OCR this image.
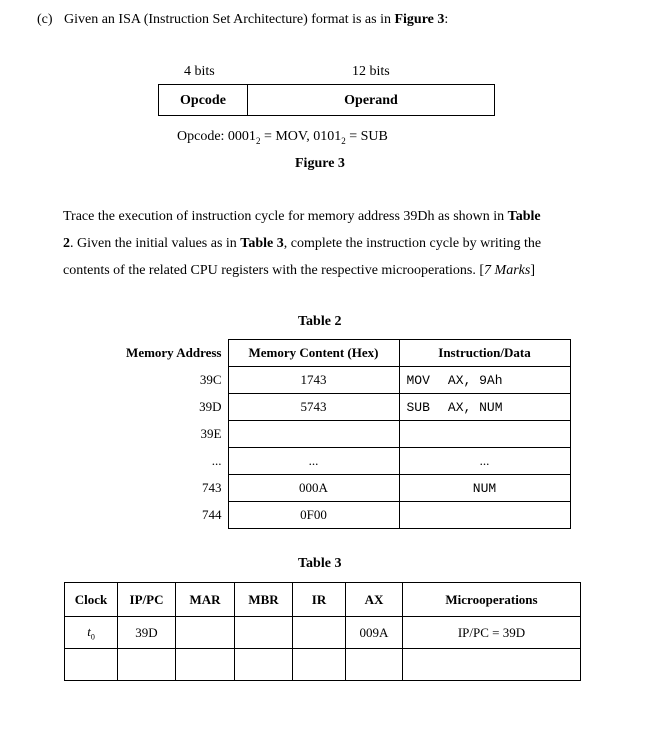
(c) Given an ISA (Instruction Set Architecture) format is as in Figure 3:
4 bits	12 bits
Opcode	Operand
Opcode: $0001_2$ = MOV, $0101_2$ = SUB
Figure 3
Trace the execution of instruction cycle for memory address 39Dh as shown in Table
2. Given the initial values as in Table 3, complete the instruction cycle by writing the
contents of the related CPU registers with the respective microoperations. [7 Marks]
Table 2
Memory Address	Memory Content (Hex)	Instruction/Data
39C	1743	MOV AX, 9Ah
39D	5743	SUB AX, NUM
39E		
...	...	...
743	000A	NUM
744	0F00	
Table 3
Clock	IP/PC	MAR	MBR	IR	AX	Microoperations
$t_0$	39D				009A	IP/PC = 39D
